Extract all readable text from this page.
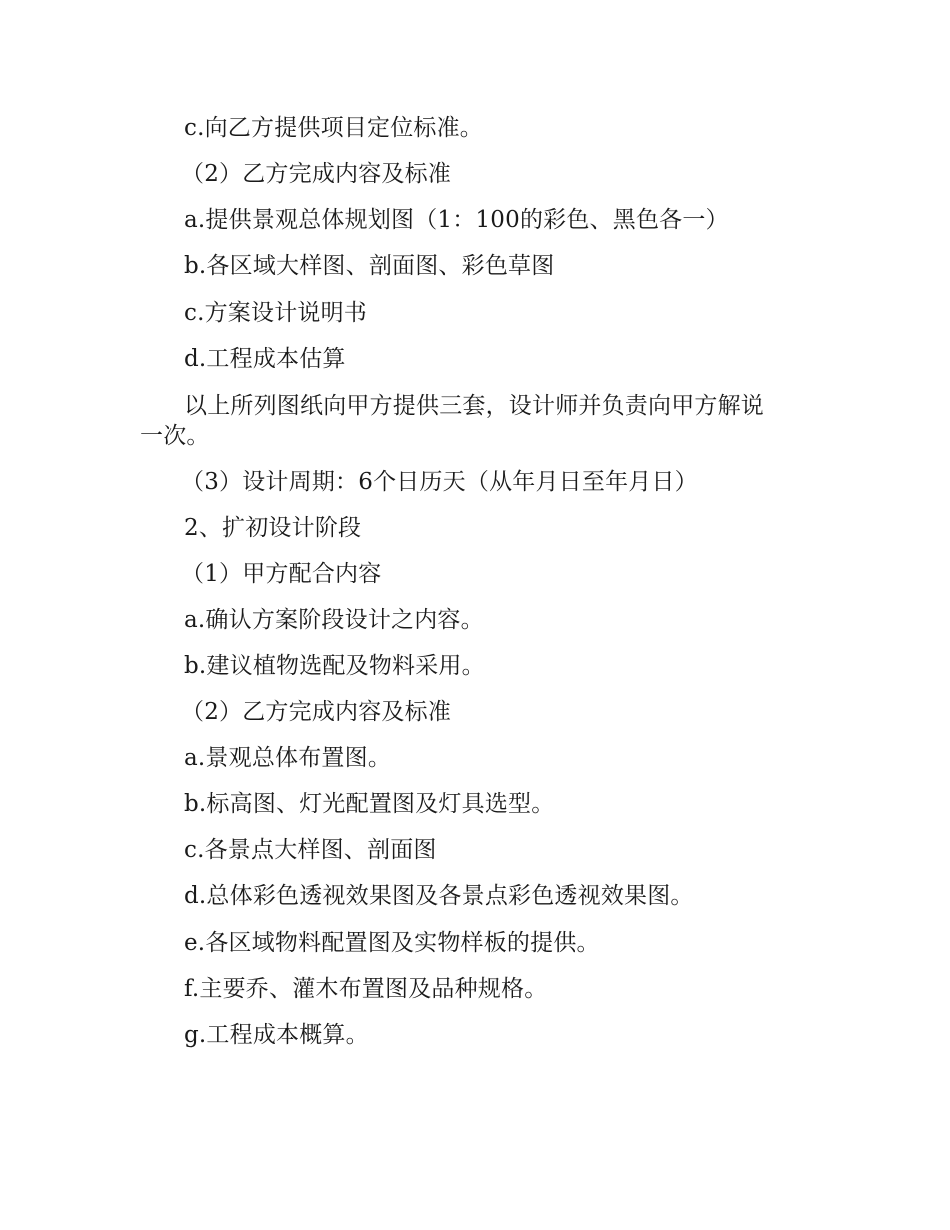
c.向乙方提供项目定位标准。
（2）乙方完成内容及标准
a.提供景观总体规划图（1：100的彩色、黑色各一）
b.各区域大样图、剖面图、彩色草图
c.方案设计说明书
d.工程成本估算
以上所列图纸向甲方提供三套，设计师并负责向甲方解说
一次。
（3）设计周期：6个日历天（从年月日至年月日）
2、扩初设计阶段
（1）甲方配合内容
a.确认方案阶段设计之内容。
b.建议植物选配及物料采用。
（2）乙方完成内容及标准
a.景观总体布置图。
b.标高图、灯光配置图及灯具选型。
c.各景点大样图、剖面图
d.总体彩色透视效果图及各景点彩色透视效果图。
e.各区域物料配置图及实物样板的提供。
f.主要乔、灌木布置图及品种规格。
g.工程成本概算。
